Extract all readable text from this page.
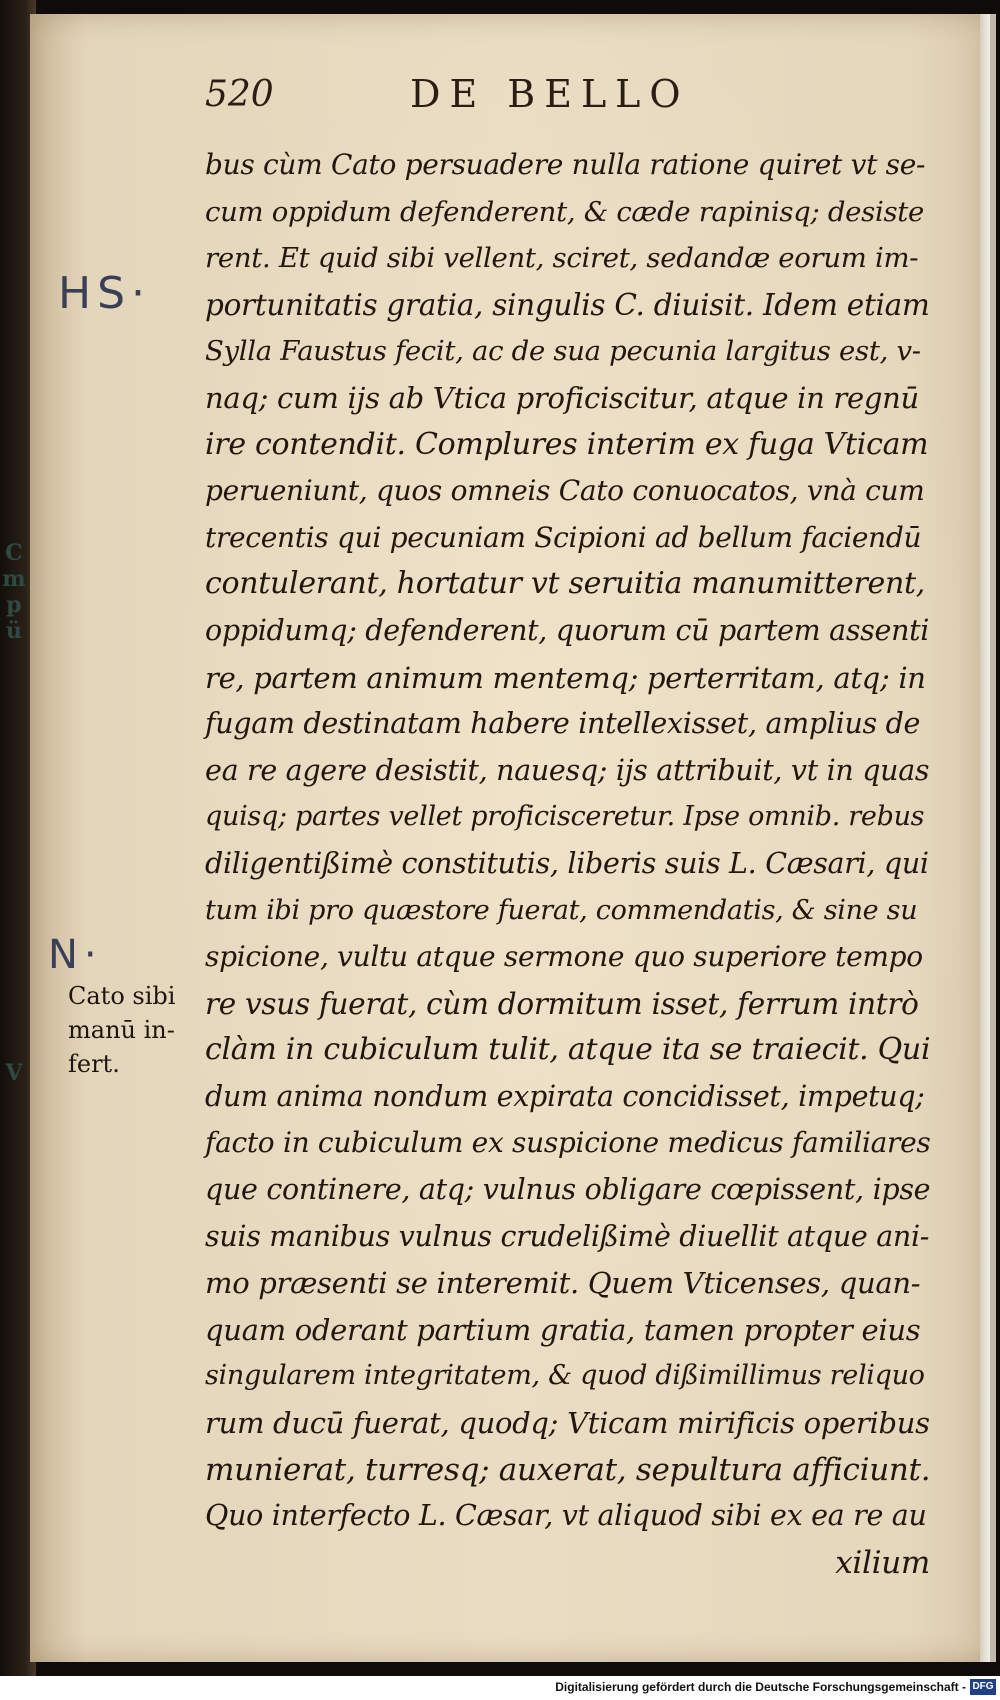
C
m
p
ü
V
520	DE BELLO
HS·
N·
Cato sibi
manū in-
fert.
bus cùm Cato persuadere nulla ratione quiret vt se-
cum oppidum defenderent, & cæde rapinisq; desiste
rent. Et quid sibi vellent, sciret, sedandæ eorum im-
portunitatis gratia, singulis C. diuisit. Idem etiam
Sylla Faustus fecit, ac de sua pecunia largitus est, v-
naq; cum ijs ab Vtica proficiscitur, atque in regnū
ire contendit. Complures interim ex fuga Vticam
perueniunt, quos omneis Cato conuocatos, vnà cum
trecentis qui pecuniam Scipioni ad bellum faciendū
contulerant, hortatur vt seruitia manumitterent,
oppidumq; defenderent, quorum cū partem assenti
re, partem animum mentemq; perterritam, atq; in
fugam destinatam habere intellexisset, amplius de
ea re agere desistit, nauesq; ijs attribuit, vt in quas
quisq; partes vellet proficisceretur. Ipse omnib. rebus
diligentißimè constitutis, liberis suis L. Cæsari, qui
tum ibi pro quæstore fuerat, commendatis, & sine su
spicione, vultu atque sermone quo superiore tempo
re vsus fuerat, cùm dormitum isset, ferrum intrò
clàm in cubiculum tulit, atque ita se traiecit. Qui
dum anima nondum expirata concidisset, impetuq;
facto in cubiculum ex suspicione medicus familiares
que continere, atq; vulnus obligare cœpissent, ipse
suis manibus vulnus crudelißimè diuellit atque ani-
mo præsenti se interemit. Quem Vticenses, quan-
quam oderant partium gratia, tamen propter eius
singularem integritatem, & quod dißimillimus reliquo
rum ducū fuerat, quodq; Vticam mirificis operibus
munierat, turresq; auxerat, sepultura afficiunt.
Quo interfecto L. Cæsar, vt aliquod sibi ex ea re au
xilium
Digitalisierung gefördert durch die Deutsche Forschungsgemeinschaft - DFG
